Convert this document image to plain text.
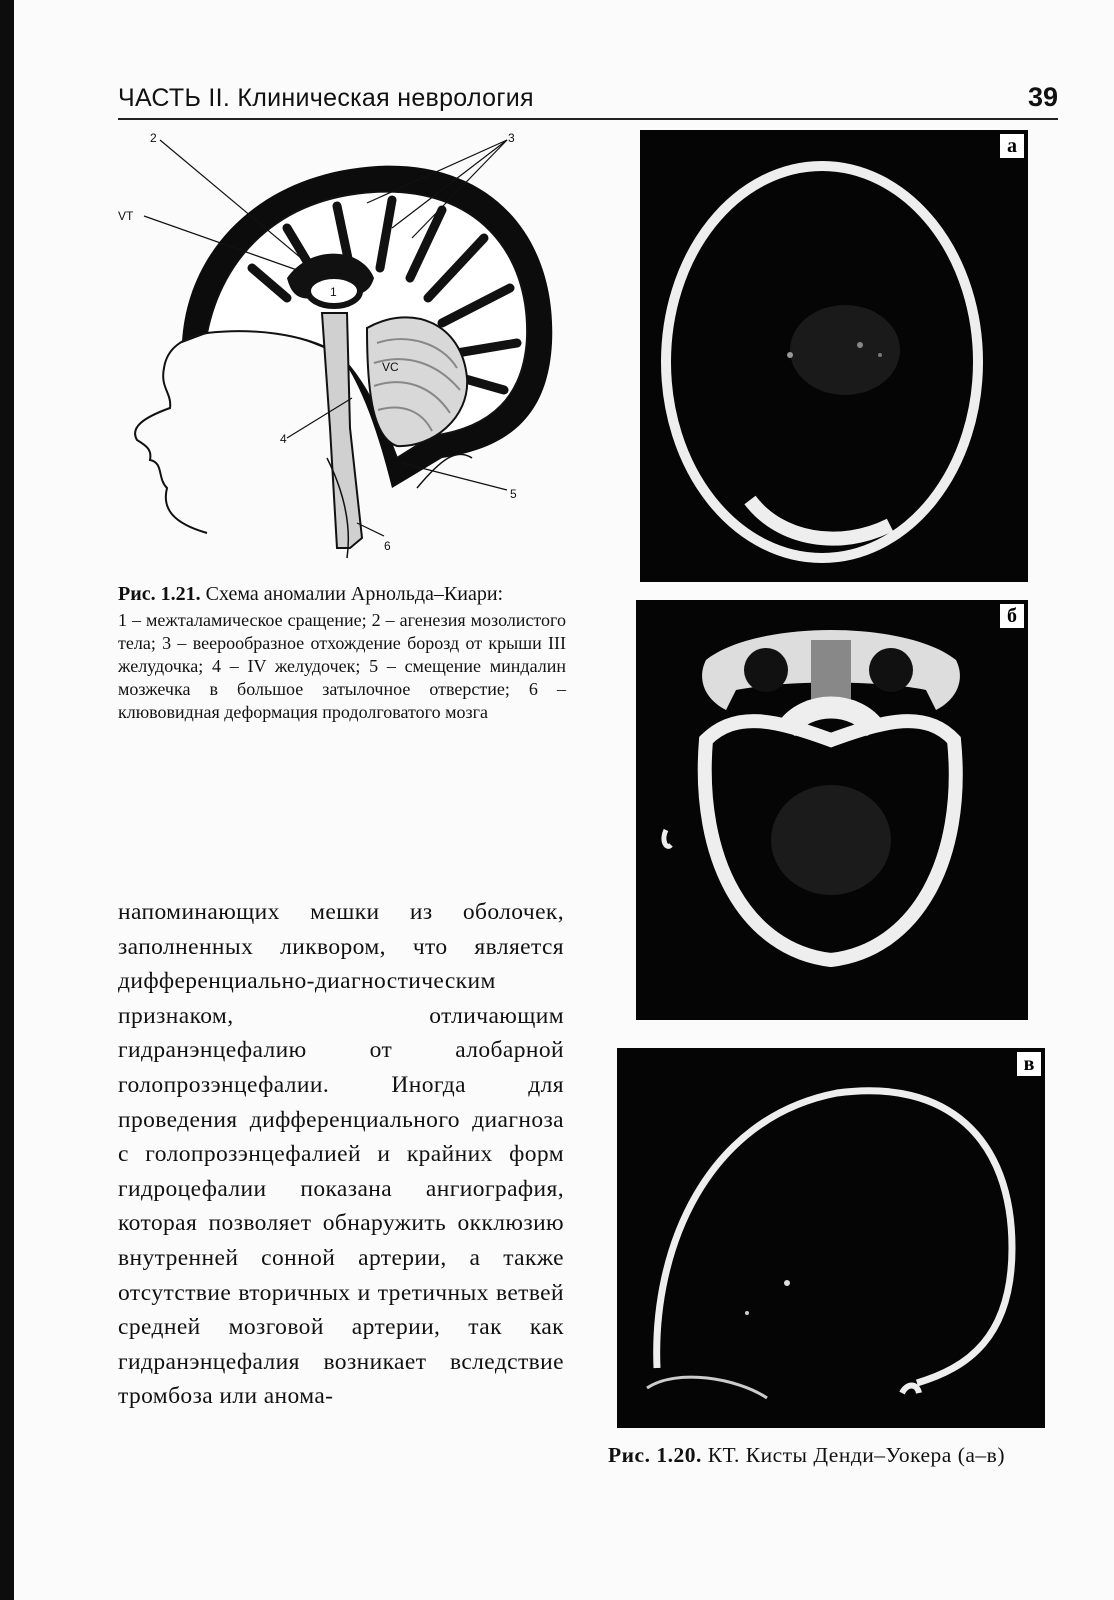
ЧАСТЬ II. Клиническая неврология	39
2	3
VT
1
VC
4
5
6
Рис. 1.21. Схема аномалии Арнольда–Киари:
1 – межталамическое сращение; 2 – агенезия мозолистого тела; 3 – веерообразное отхождение борозд от крыши III желудочка; 4 – IV желудочек; 5 – смещение миндалин мозжечка в большое затылочное отверстие; 6 – клювовидная деформация продолговатого мозга
напоминающих мешки из оболочек, заполненных ликвором, что является дифференциально-диагностическим признаком, отличающим гидранэнцефалию от алобарной голопрозэнцефалии. Иногда для проведения дифференциального диагноза с голопрозэнцефалией и крайних форм гидроцефалии показана ангиография, которая позволяет обнаружить окклюзию внутренней сонной артерии, а также отсутствие вторичных и третичных ветвей средней мозговой артерии, так как гидранэнцефалия возникает вследствие тромбоза или анома-
а
б
в
Рис. 1.20. КТ. Кисты Денди–Уокера (а–в)
